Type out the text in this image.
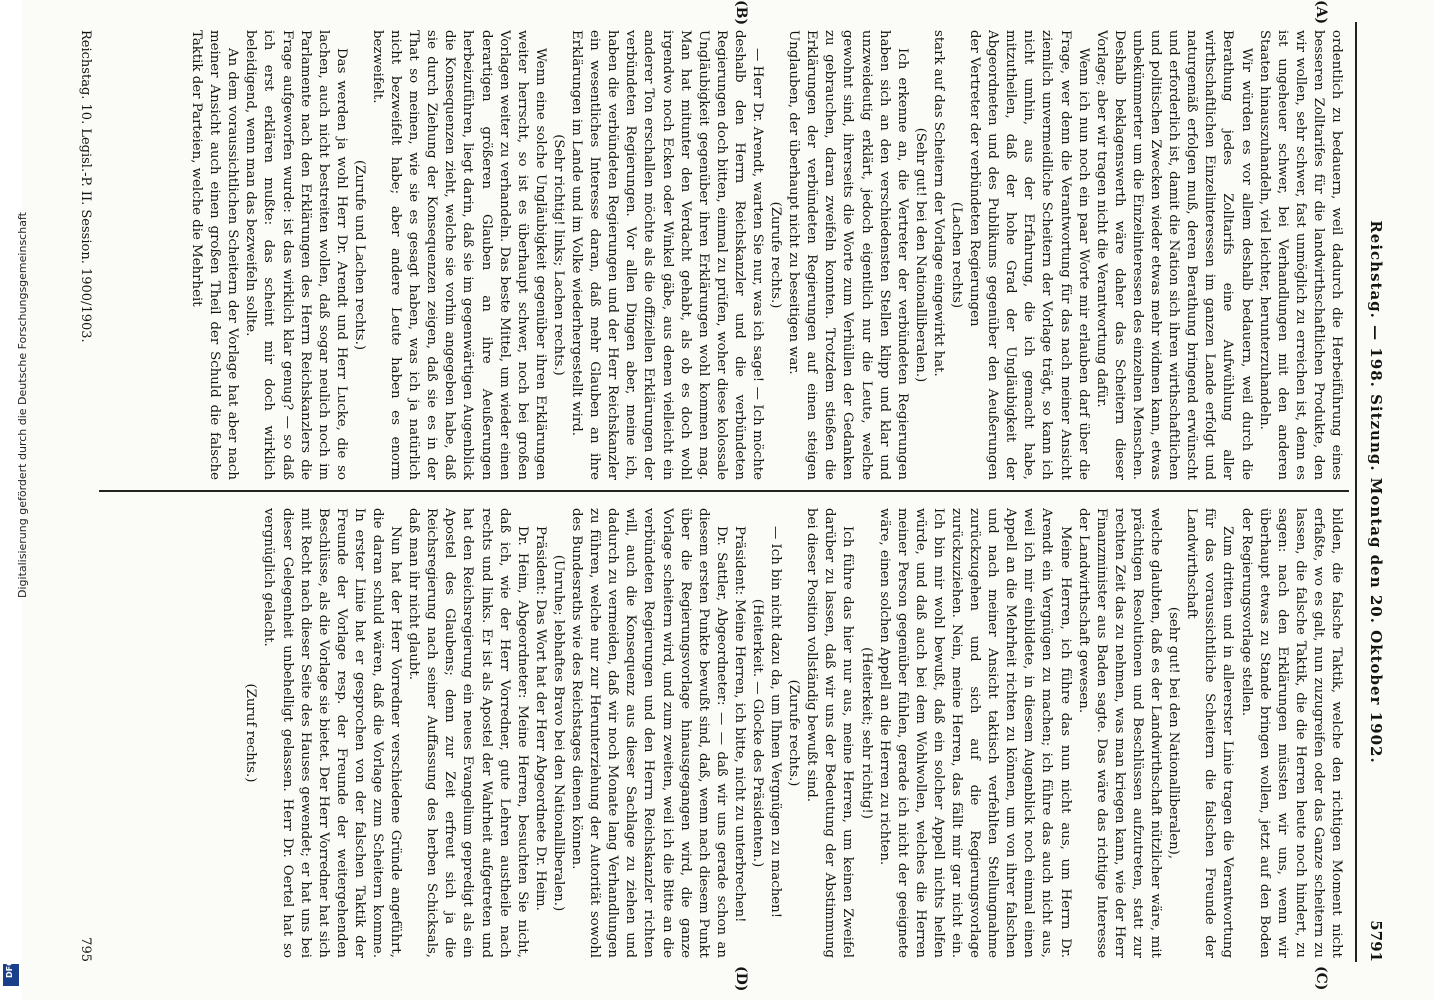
Digitalisierung gefördert durch die Deutsche Forschungsgemeinschaft
DFG
Reichstag. — 198. Sitzung. Montag den 20. Oktober 1902.
5791
(A)
(B)
(C)
(D)

ordentlich zu bedauern, weil dadurch die Herbeiführung eines besseren Zolltarifes für die landwirthschaftlichen Produkte, den wir wollen, sehr schwer, fast unmöglich zu erreichen ist, denn es ist ungeheuer schwer, bei Verhandlungen mit den anderen Staaten hinauszuhandeln, viel leichter, herunterzuhandeln.

Wir würden es vor allem deshalb bedauern, weil durch die Berathung jedes Zolltarifs eine Aufwühlung aller wirthschaftlichen Einzelinteressen im ganzen Lande erfolgt und naturgemäß erfolgen muß, deren Berathung bringend erwünscht und erforderlich ist, damit die Nation sich ihren wirthschaftlichen und politischen Zwecken wieder etwas mehr widmen kann, etwas unbekümmerter um die Einzelinteressen des einzelnen Menschen. Deshalb beklagenswerth wäre daher das Scheitern dieser Vorlage; aber wir tragen nicht die Verantwortung dafür.

Wenn ich nun noch ein paar Worte mir erlauben darf über die Frage, wer denn die Verantwortung für das nach meiner Ansicht ziemlich unvermeidliche Scheitern der Vorlage trägt, so kann ich nicht umhin, aus der Erfahrung, die ich gemacht habe, mitzutheilen, daß der hohe Grad der Ungläubigkeit der Abgeordneten und des Publikums gegenüber den Aeußerungen der Vertreter der verbündeten Regierungen

(Lachen rechts)

stark auf das Scheitern der Vorlage eingewirkt hat.

(Sehr gut! bei den Nationalliberalen.)

Ich erkenne an, die Vertreter der verbündeten Regierungen haben sich an den verschiedensten Stellen klipp und klar und unzweideutig erklärt, jedoch eigentlich nur die Leute, welche gewohnt sind, ihrerseits die Worte zum Verhüllen der Gedanken zu gebrauchen, daran zweifeln konnten. Trotzdem stießen die Erklärungen der verbündeten Regierungen auf einen steigen Unglauben, der überhaupt nicht zu beseitigen war.

(Zurufe rechts.)

— Herr Dr. Arendt, warten Sie nur, was ich sage! — Ich möchte deshalb den Herrn Reichskanzler und die verbündeten Regierungen doch bitten, einmal zu prüfen, woher diese kolossale Ungläubigkeit gegenüber ihren Erklärungen wohl kommen mag. Man hat mitunter den Verdacht gehabt, als ob es doch wohl irgendwo noch Ecken oder Winkel gäbe, aus denen vielleicht ein anderer Ton erschallen möchte als die offiziellen Erklärungen der verbündeten Regierungen. Vor allen Dingen aber, meine ich, haben die verbündeten Regierungen und der Herr Reichskanzler ein wesentliches Interesse daran, daß mehr Glauben an ihre Erklärungen im Lande und im Volke wiederhergestellt wird.

(Sehr richtig! links; Lachen rechts.)

Wenn eine solche Ungläubigkeit gegenüber ihren Erklärungen weiter herrscht, so ist es überhaupt schwer, noch bei großen Vorlagen weiter zu verhandeln. Das beste Mittel, um wieder einen derartigen größeren Glauben an ihre Aeußerungen herbeizuführen, liegt darin, daß sie im gegenwärtigen Augenblick die Konsequenzen zieht, welche sie vorhin angegeben habe, daß sie durch Ziehung der Konsequenzen zeigen, daß sie es in der That so meinen, wie sie es gesagt haben, was ich ja natürlich nicht bezweifelt habe; aber andere Leute haben es enorm bezweifelt.

(Zurufe und Lachen rechts.)

Das werden ja wohl Herr Dr. Arendt und Herr Lucke, die so lachen, auch nicht bestreiten wollen, daß sogar neulich noch im Parlamente nach den Erklärungen des Herrn Reichskanzlers die Frage aufgeworfen wurde: ist das wirklich klar genug? — so daß ich erst erklären mußte: das scheint mir doch wirklich beleidigend, wenn man das bezweifeln sollte.

An dem voraussichtlichen Scheitern der Vorlage hat aber nach meiner Ansicht auch einen großen Theil der Schuld die falsche Taktik der Parteien, welche die Mehrheit

bilden, die falsche Taktik, welche den richtigen Moment nicht erfaßte, wo es galt, nun zuzugreifen oder das Ganze scheitern zu lassen, die falsche Taktik, die die Herren heute noch hindert, zu sagen: nach den Erklärungen müssten wir uns, wenn wir überhaupt etwas zu Stande bringen wollen, jetzt auf den Boden der Regierungsvorlage stellen.

Zum dritten und in allererster Linie tragen die Verantwortung für das voraussichtliche Scheitern die falschen Freunde der Landwirthschaft

(sehr gut! bei den Nationalliberalen),

welche glaubten, daß es der Landwirthschaft nützlicher wäre, mit prächtigen Resolutionen und Beschlüssen aufzutreten, statt zur rechten Zeit das zu nehmen, was man kriegen kann, wie der Herr Finanzminister aus Baden sagte. Das wäre das richtige Interesse der Landwirthschaft gewesen.

Meine Herren, ich führe das nun nicht aus, um Herrn Dr. Arendt ein Vergnügen zu machen; ich führe das auch nicht aus, weil ich mir einbildete, in diesem Augenblick noch einmal einen Appell an die Mehrheit richten zu können, um von ihrer falschen und nach meiner Ansicht taktisch verfehlten Stellungnahme zurückzugehen und sich auf die Regierungsvorlage zurückzuziehen. Nein, meine Herren, das fällt mir gar nicht ein. Ich bin mir wohl bewußt, daß ein solcher Appell nichts helfen würde, und daß auch bei dem Wohlwollen, welches die Herren meiner Person gegenüber fühlen, gerade ich nicht der geeignete wäre, einen solchen Appell an die Herren zu richten.

(Heiterkeit; sehr richtig!)

Ich führe das hier nur aus, meine Herren, um keinen Zweifel darüber zu lassen, daß wir uns der Bedeutung der Abstimmung bei dieser Position vollständig bewußt sind.

(Zurufe rechts.)

— Ich bin nicht dazu da, um Ihnen Vergnügen zu machen!

(Heiterkeit. — Glocke des Präsidenten.)

Präsident: Meine Herren, ich bitte, nicht zu unterbrechen!

Dr. Sattler, Abgeordneter: — — daß wir uns gerade schon an diesem ersten Punkte bewußt sind, daß, wenn nach diesem Punkt über die Regierungsvorlage hinausgegangen wird, die ganze Vorlage scheitern wird, und zum zweiten, weil ich die Bitte an die verbündeten Regierungen und den Herrn Reichskanzler richten will, auch die Konsequenz aus dieser Sachlage zu ziehen und dadurch zu vermeiden, daß wir noch Monate lang Verhandlungen zu führen, welche nur zur Herunterziehung der Autorität sowohl des Bundesraths wie des Reichstages dienen können.

(Unruhe; lebhaftes Bravo bei den Nationalliberalen.)

Präsident: Das Wort hat der Herr Abgeordnete Dr. Heim.

Dr. Heim, Abgeordneter: Meine Herren, besuchten Sie nicht, daß ich, wie der Herr Vorredner, gute Lehren austheile nach rechts und links. Er ist als Apostel der Wahrheit aufgetreten und hat den Reichsregierung ein neues Evangelium gepredigt als ein Apostel des Glaubens; denn zur Zeit erfreut sich ja die Reichsregierung nach seiner Auffassung des herben Schicksals, daß man ihr nicht glaubt.

Nun hat der Herr Vorredner verschiedene Gründe angeführt, die daran schuld wären, daß die Vorlage zum Scheitern komme. In erster Linie hat er gesprochen von der falschen Taktik der Freunde der Vorlage resp. der Freunde der weitergehenden Beschlüsse, als die Vorlage sie bietet. Der Herr Vorredner hat sich mit Recht nach dieser Seite des Hauses gewendet; er hat uns bei dieser Gelegenheit unbehelligt gelassen. Herr Dr. Oertel hat so vergnüglich gelacht.

(Zuruf rechts.)

Reichstag. 10. Legisl.-P. II. Session. 1900/1903.
795
